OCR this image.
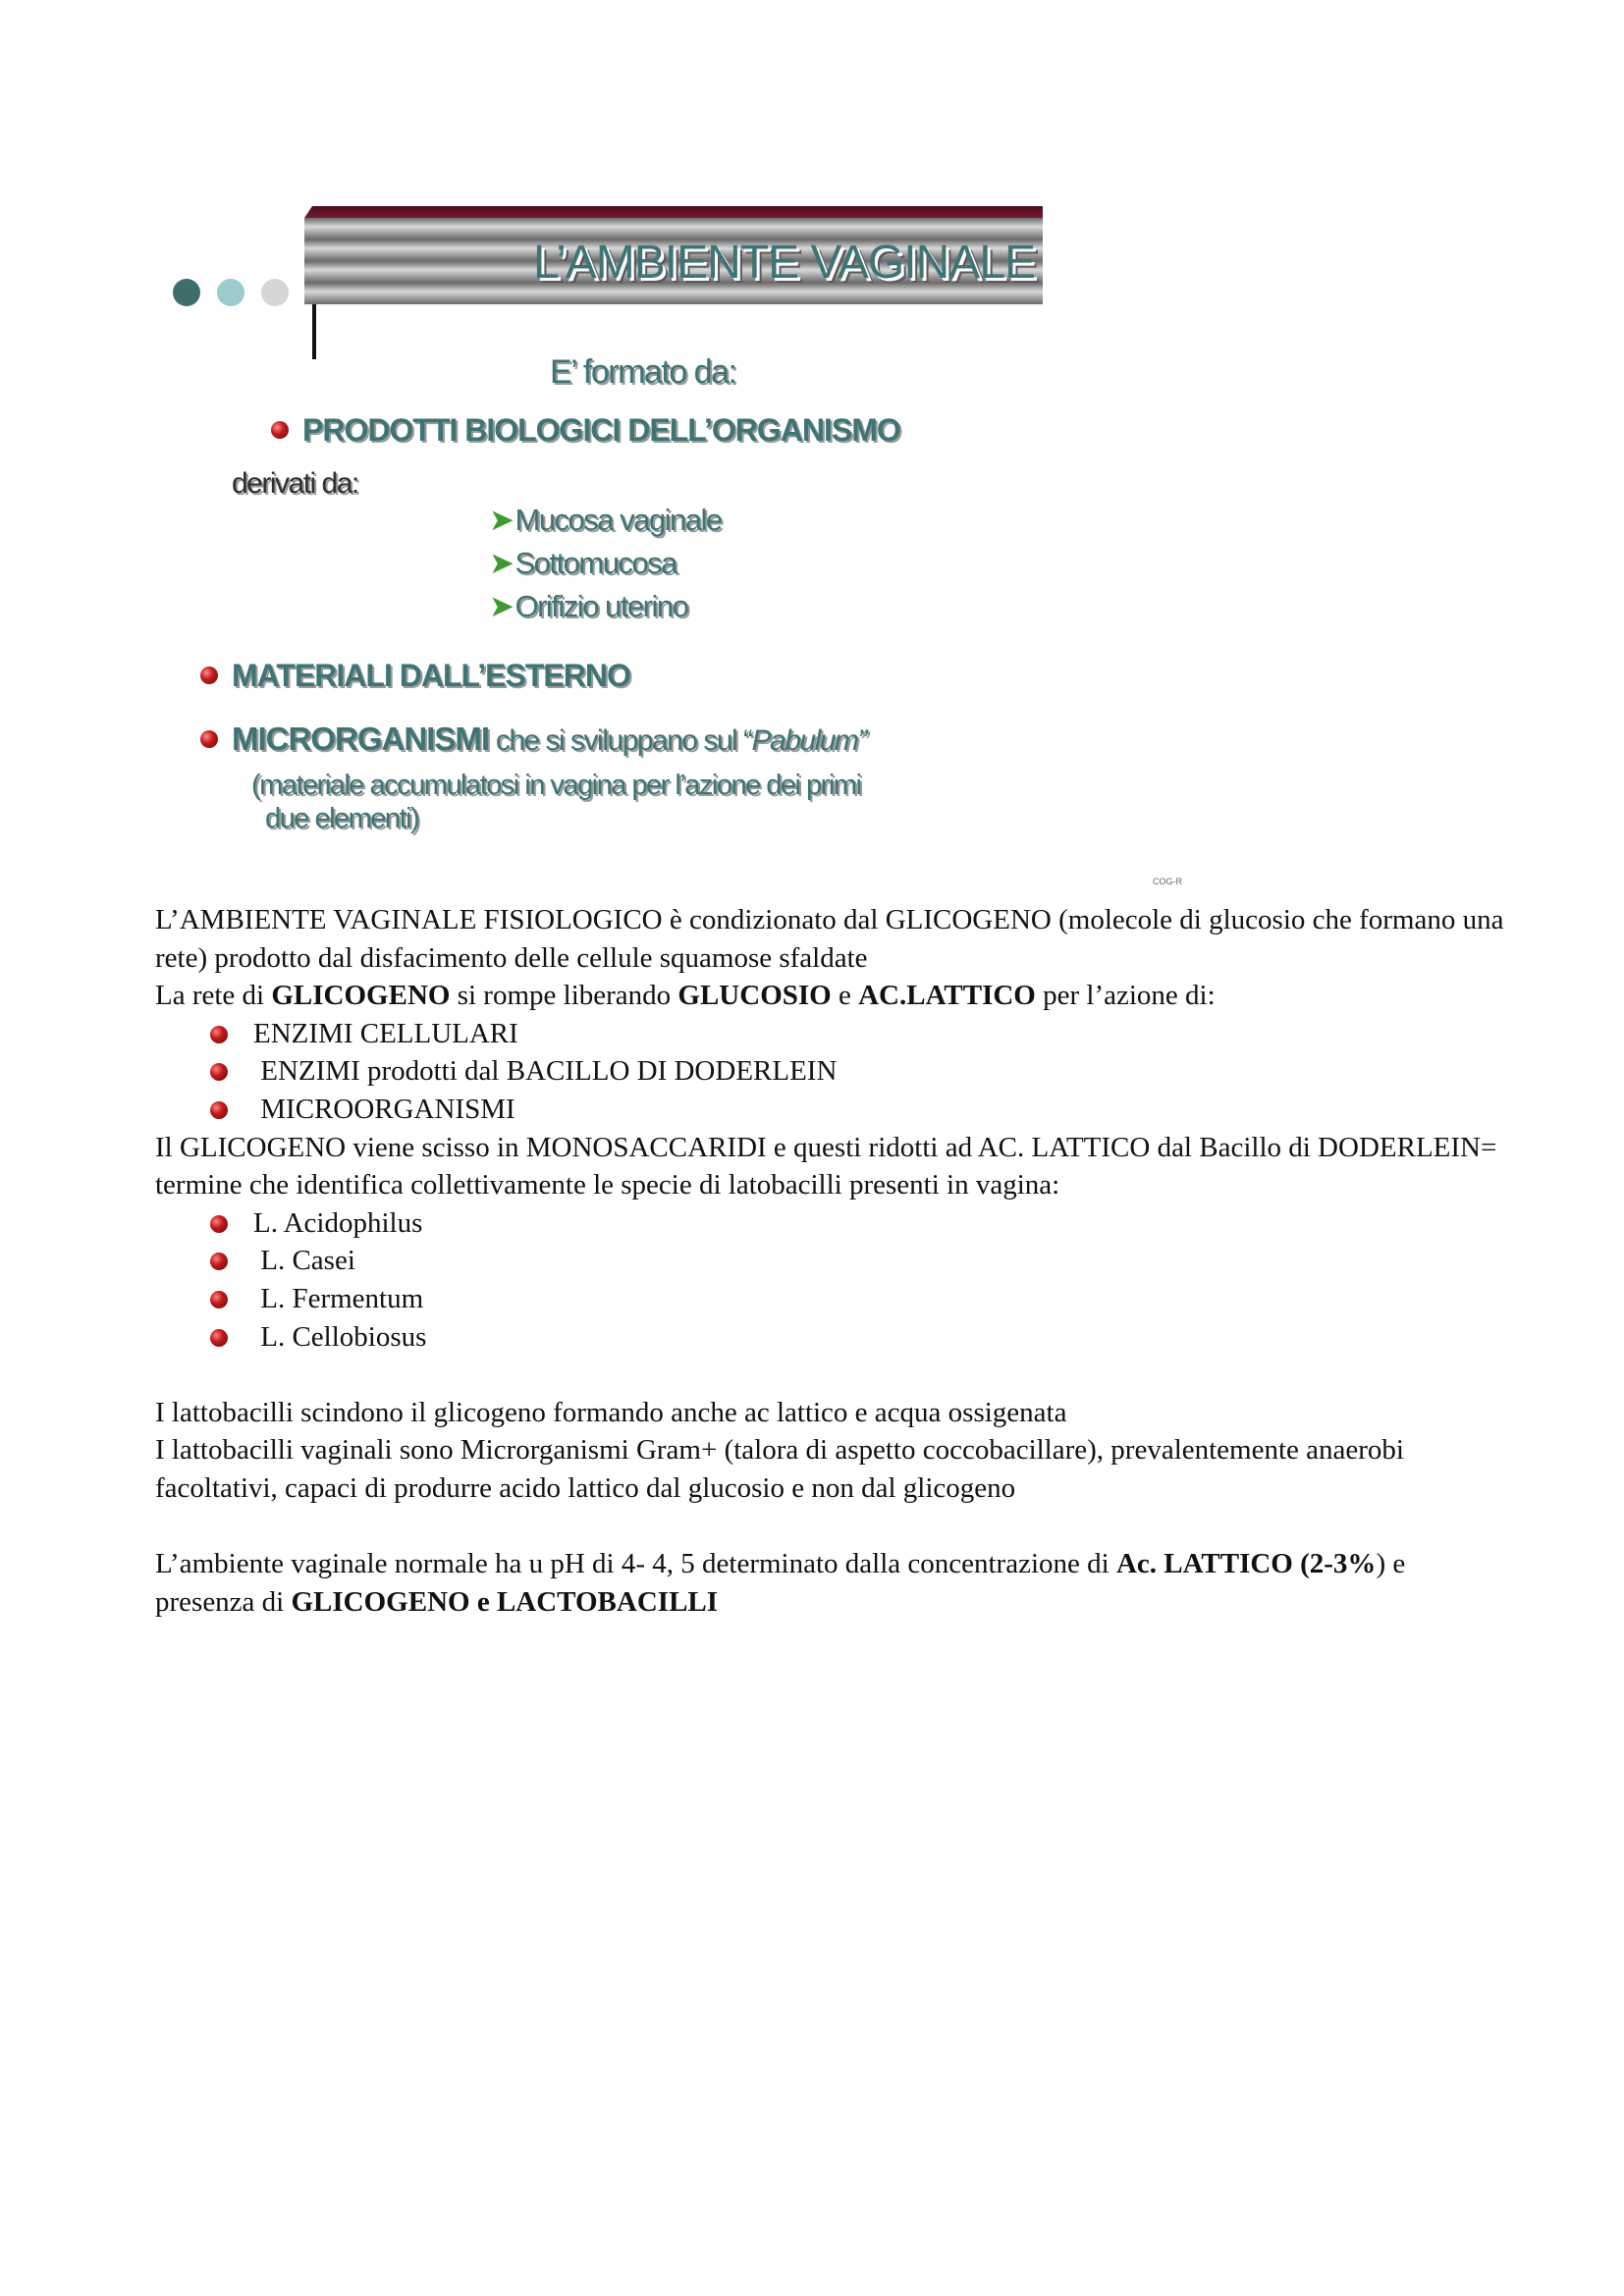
L’AMBIENTE VAGINALE
E’ formato da:
PRODOTTI BIOLOGICI DELL’ORGANISMO
derivati da:
➤Mucosa vaginale
➤Sottomucosa
➤Orifizio uterino
MATERIALI DALL’ESTERNO
MICRORGANISMI che si sviluppano sul “Pabulum”
(materiale accumulatosi in vagina per l’azione dei primi
due elementi)
COG-R

L’AMBIENTE VAGINALE FISIOLOGICO è condizionato dal GLICOGENO (molecole di glucosio che formano una rete) prodotto dal disfacimento delle cellule squamose sfaldate

La rete di GLICOGENO si rompe liberando GLUCOSIO e AC.LATTICO per l’azione di:

ENZIMI CELLULARI
ENZIMI prodotti dal BACILLO DI DODERLEIN
MICROORGANISMI

Il GLICOGENO viene scisso in MONOSACCARIDI e questi ridotti ad AC. LATTICO dal Bacillo di DODERLEIN= termine che identifica collettivamente le specie di latobacilli presenti in vagina:

L. Acidophilus
L. Casei
L. Fermentum
L. Cellobiosus

I lattobacilli scindono il glicogeno formando anche ac lattico e acqua ossigenata

I lattobacilli vaginali sono Microrganismi Gram+ (talora di aspetto coccobacillare), prevalentemente anaerobi facoltativi, capaci di produrre acido lattico dal glucosio e non dal glicogeno

L’ambiente vaginale normale ha u pH di 4- 4, 5 determinato dalla concentrazione di Ac. LATTICO (2-3%) e presenza di GLICOGENO e LACTOBACILLI
